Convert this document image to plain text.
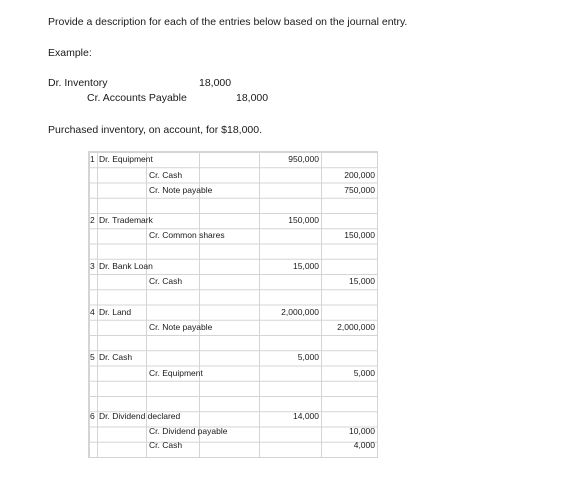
Provide a description for each of the entries below based on the journal entry.
Example:
Dr. Inventory	18,000
Cr. Accounts Payable	18,000
Purchased inventory, on account, for $18,000.
1 Dr. Equipment	950,000
Cr. Cash	200,000
Cr. Note payable	750,000
2 Dr. Trademark	150,000
Cr. Common shares	150,000
3 Dr. Bank Loan	15,000
Cr. Cash	15,000
4 Dr. Land	2,000,000
Cr. Note payable	2,000,000
5 Dr. Cash	5,000
Cr. Equipment	5,000
6 Dr. Dividend declared	14,000
Cr. Dividend payable	10,000
Cr. Cash	4,000
